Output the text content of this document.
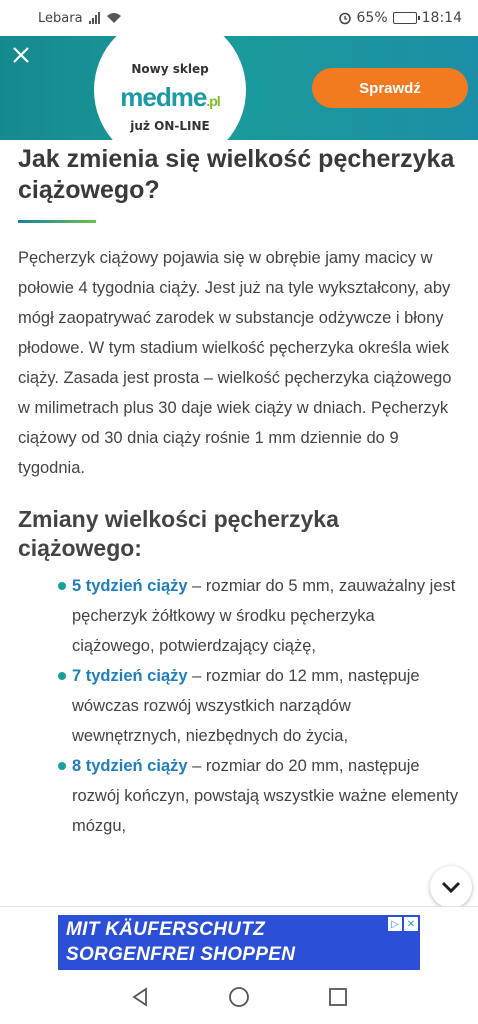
Lebara	65% 18:14
Nowy sklep
medme.pl
już ON-LINE
Sprawdź
Jak zmienia się wielkość pęcherzyka ciążowego?

Pęcherzyk ciążowy pojawia się w obrębie jamy macicy w połowie 4 tygodnia ciąży. Jest już na tyle wykształcony, aby mógł zaopatrywać zarodek w substancje odżywcze i błony płodowe. W tym stadium wielkość pęcherzyka określa wiek ciąży. Zasada jest prosta – wielkość pęcherzyka ciążowego w milimetrach plus 30 daje wiek ciąży w dniach. Pęcherzyk ciążowy od 30 dnia ciąży rośnie 1 mm dziennie do 9 tygodnia.

Zmiany wielkości pęcherzyka ciążowego:
5 tydzień ciąży – rozmiar do 5 mm, zauważalny jest pęcherzyk żółtkowy w środku pęcherzyka ciążowego, potwierdzający ciążę,
7 tydzień ciąży – rozmiar do 12 mm, następuje wówczas rozwój wszystkich narządów wewnętrznych, niezbędnych do życia,
8 tydzień ciąży – rozmiar do 20 mm, następuje rozwój kończyn, powstają wszystkie ważne elementy mózgu,
MIT KÄUFERSCHUTZ
SORGENFREI SHOPPEN
▷ ✕
